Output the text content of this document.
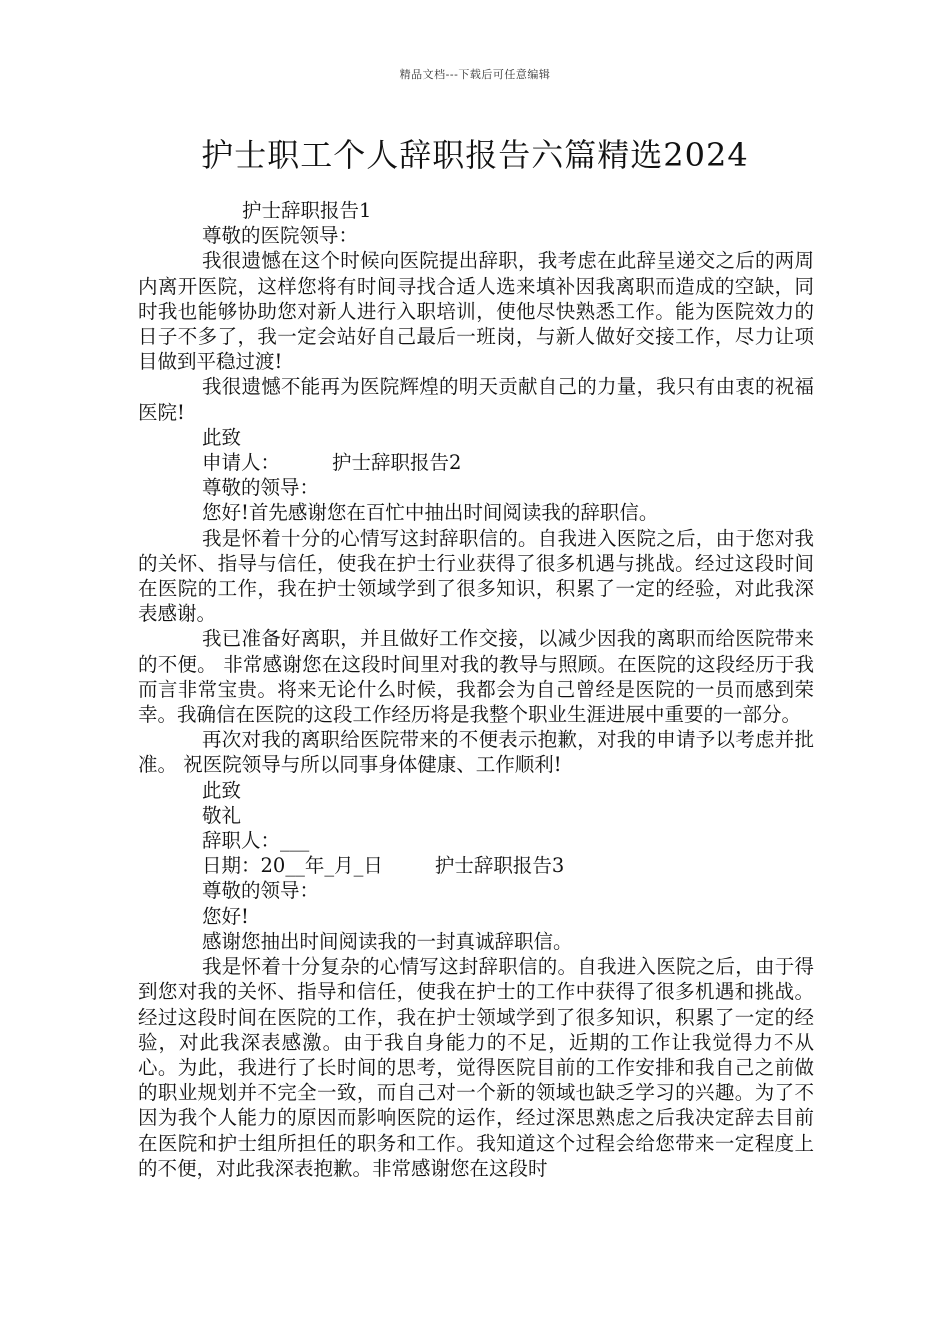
精品文档---下载后可任意编辑
护士职工个人辞职报告六篇精选2024

护士辞职报告1

尊敬的医院领导：

我很遗憾在这个时候向医院提出辞职，我考虑在此辞呈递交之后的两周内离开医院，这样您将有时间寻找合适人选来填补因我离职而造成的空缺，同时我也能够协助您对新人进行入职培训，使他尽快熟悉工作。能为医院效力的日子不多了，我一定会站好自己最后一班岗，与新人做好交接工作，尽力让项目做到平稳过渡!

我很遗憾不能再为医院辉煌的明天贡献自己的力量，我只有由衷的祝福医院!

此致

申请人：	护士辞职报告2

尊敬的领导：

您好!首先感谢您在百忙中抽出时间阅读我的辞职信。

我是怀着十分的心情写这封辞职信的。自我进入医院之后，由于您对我的关怀、指导与信任，使我在护士行业获得了很多机遇与挑战。经过这段时间在医院的工作，我在护士领域学到了很多知识，积累了一定的经验，对此我深表感谢。

我已准备好离职，并且做好工作交接，以减少因我的离职而给医院带来的不便。 非常感谢您在这段时间里对我的教导与照顾。在医院的这段经历于我而言非常宝贵。将来无论什么时候，我都会为自己曾经是医院的一员而感到荣幸。我确信在医院的这段工作经历将是我整个职业生涯进展中重要的一部分。

再次对我的离职给医院带来的不便表示抱歉，对我的申请予以考虑并批准。 祝医院领导与所以同事身体健康、工作顺利!

此致

敬礼

辞职人：___

日期：20__年_月_日	护士辞职报告3

尊敬的领导：

您好!

感谢您抽出时间阅读我的一封真诚辞职信。

我是怀着十分复杂的心情写这封辞职信的。自我进入医院之后，由于得到您对我的关怀、指导和信任，使我在护士的工作中获得了很多机遇和挑战。经过这段时间在医院的工作，我在护士领域学到了很多知识，积累了一定的经验，对此我深表感激。由于我自身能力的不足，近期的工作让我觉得力不从心。为此，我进行了长时间的思考，觉得医院目前的工作安排和我自己之前做的职业规划并不完全一致，而自己对一个新的领域也缺乏学习的兴趣。为了不因为我个人能力的原因而影响医院的运作，经过深思熟虑之后我决定辞去目前在医院和护士组所担任的职务和工作。我知道这个过程会给您带来一定程度上的不便，对此我深表抱歉。非常感谢您在这段时
